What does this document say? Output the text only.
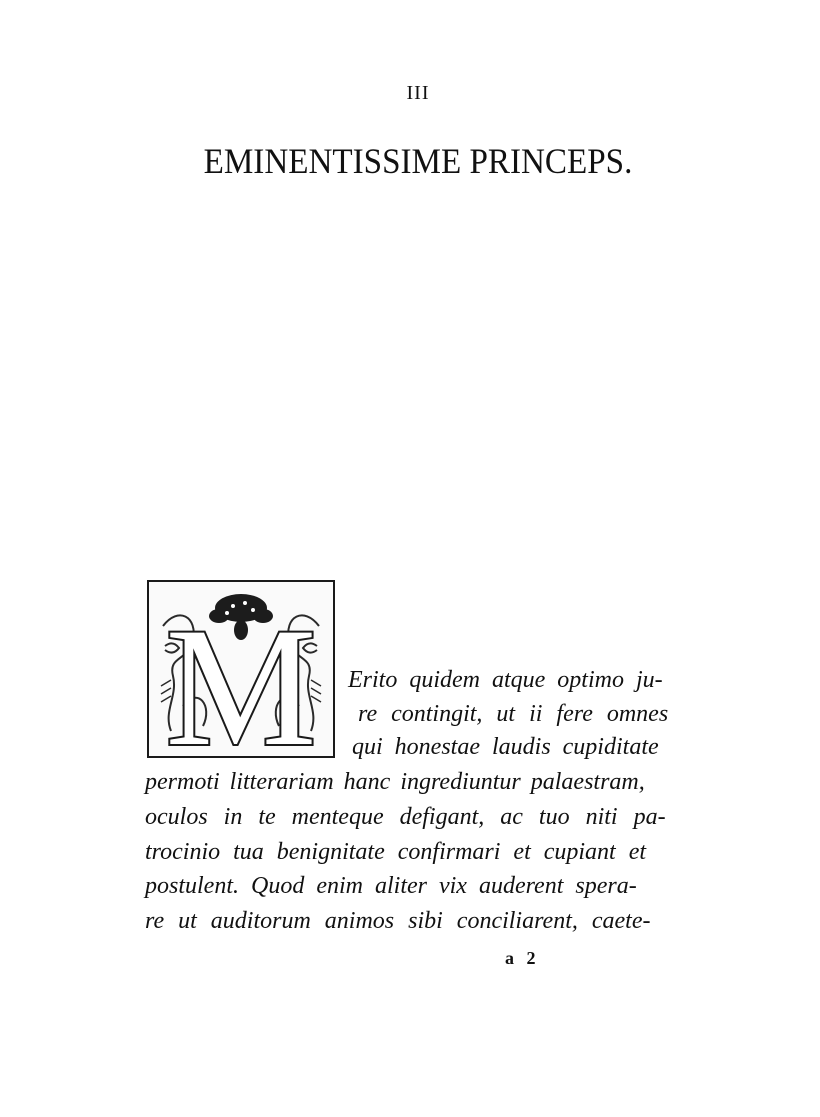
III
EMINENTISSIME PRINCEPS.
M Erito quidem atque optimo ju-
re contingit, ut ii fere omnes
qui honestae laudis cupiditate
permoti litterariam hanc ingrediuntur palaestram,
oculos in te menteque defigant, ac tuo niti pa-
trocinio tua benignitate confirmari et cupiant et
postulent. Quod enim aliter vix auderent spera-
re ut auditorum animos sibi conciliarent, caete-
a 2
